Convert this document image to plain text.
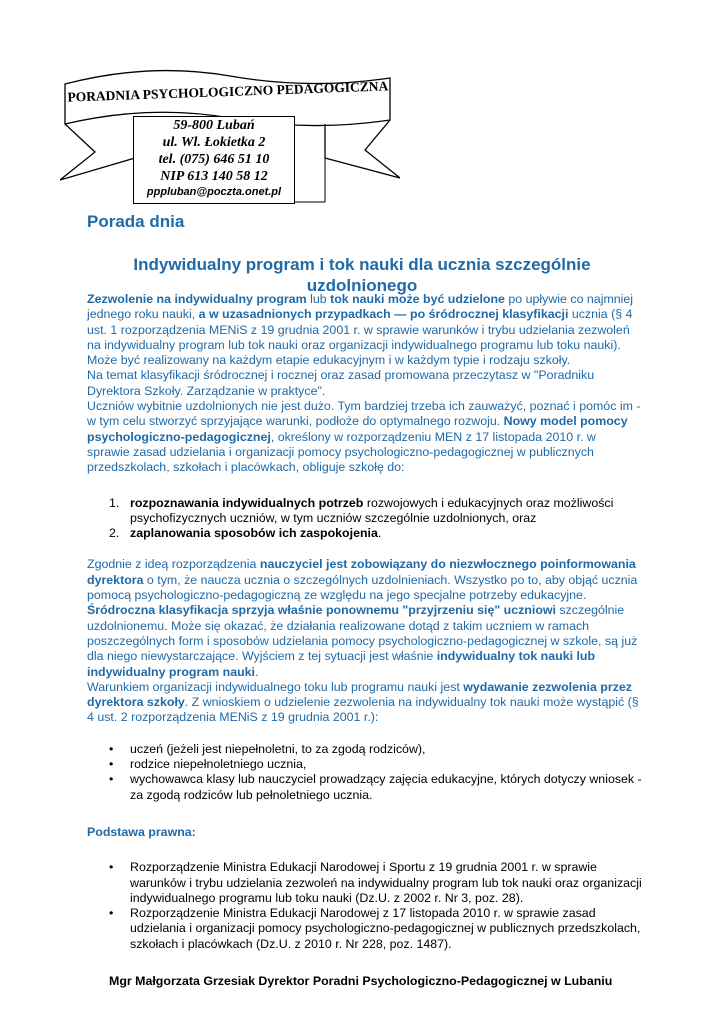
PORADNIA PSYCHOLOGICZNO PEDAGOGICZNA
59-800 Lubań
ul. Wl. Łokietka 2
tel. (075) 646 51 10
NIP 613 140 58 12
pppluban@poczta.onet.pl
Porada dnia
Indywidualny program i tok nauki dla ucznia szczególnie uzdolnionego

Zezwolenie na indywidualny program lub tok nauki może być udzielone po upływie co najmniej jednego roku nauki, a w uzasadnionych przypadkach — po śródrocznej klasyfikacji ucznia (§ 4 ust. 1 rozporządzenia MENiS z 19 grudnia 2001 r. w sprawie warunków i trybu udzielania zezwoleń na indywidualny program lub tok nauki oraz organizacji indywidualnego programu lub toku nauki). Może być realizowany na każdym etapie edukacyjnym i w każdym typie i rodzaju szkoły.

Na temat klasyfikacji śródrocznej i rocznej oraz zasad promowana przeczytasz w "Poradniku Dyrektora Szkoły. Zarządzanie w praktyce".

Uczniów wybitnie uzdolnionych nie jest dużo. Tym bardziej trzeba ich zauważyć, poznać i pomóc im - w tym celu stworzyć sprzyjające warunki, podłoże do optymalnego rozwoju. Nowy model pomocy psychologiczno-pedagogicznej, określony w rozporządzeniu MEN z 17 listopada 2010 r. w sprawie zasad udzielania i organizacji pomocy psychologiczno-pedagogicznej w publicznych przedszkolach, szkołach i placówkach, obliguje szkołę do:

1. rozpoznawania indywidualnych potrzeb rozwojowych i edukacyjnych oraz możliwości psychofizycznych uczniów, w tym uczniów szczególnie uzdolnionych, oraz
2. zaplanowania sposobów ich zaspokojenia.

Zgodnie z ideą rozporządzenia nauczyciel jest zobowiązany do niezwłocznego poinformowania dyrektora o tym, że naucza ucznia o szczególnych uzdolnieniach. Wszystko po to, aby objąć ucznia pomocą psychologiczno-pedagogiczną ze względu na jego specjalne potrzeby edukacyjne. Śródroczna klasyfikacja sprzyja właśnie ponownemu "przyjrzeniu się" uczniowi szczególnie uzdolnionemu. Może się okazać, że działania realizowane dotąd z takim uczniem w ramach poszczególnych form i sposobów udzielania pomocy psychologiczno-pedagogicznej w szkole, są już dla niego niewystarczające. Wyjściem z tej sytuacji jest właśnie indywidualny tok nauki lub indywidualny program nauki.

Warunkiem organizacji indywidualnego toku lub programu nauki jest wydawanie zezwolenia przez dyrektora szkoły. Z wnioskiem o udzielenie zezwolenia na indywidualny tok nauki może wystąpić (§ 4 ust. 2 rozporządzenia MENiS z 19 grudnia 2001 r.):

• uczeń (jeżeli jest niepełnoletni, to za zgodą rodziców),
• rodzice niepełnoletniego ucznia,
• wychowawca klasy lub nauczyciel prowadzący zajęcia edukacyjne, których dotyczy wniosek - za zgodą rodziców lub pełnoletniego ucznia.

Podstawa prawna:

• Rozporządzenie Ministra Edukacji Narodowej i Sportu z 19 grudnia 2001 r. w sprawie warunków i trybu udzielania zezwoleń na indywidualny program lub tok nauki oraz organizacji indywidualnego programu lub toku nauki (Dz.U. z 2002 r. Nr 3, poz. 28).
• Rozporządzenie Ministra Edukacji Narodowej z 17 listopada 2010 r. w sprawie zasad udzielania i organizacji pomocy psychologiczno-pedagogicznej w publicznych przedszkolach, szkołach i placówkach (Dz.U. z 2010 r. Nr 228, poz. 1487).

Mgr Małgorzata Grzesiak Dyrektor Poradni Psychologiczno-Pedagogicznej w Lubaniu
